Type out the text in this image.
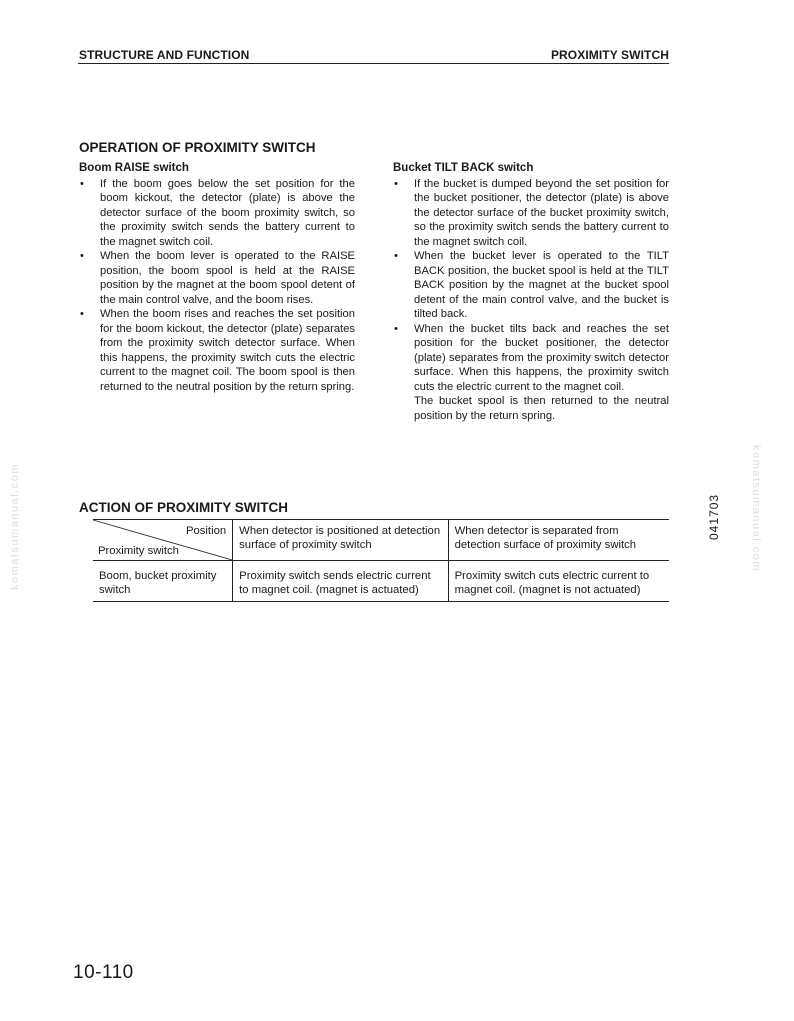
STRUCTURE AND FUNCTION	PROXIMITY SWITCH
OPERATION OF PROXIMITY SWITCH
Boom RAISE switch
• If the boom goes below the set position for the boom kickout, the detector (plate) is above the detector surface of the boom proximity switch, so the proximity switch sends the battery current to the magnet switch coil.
• When the boom lever is operated to the RAISE position, the boom spool is held at the RAISE position by the magnet at the boom spool detent of the main control valve, and the boom rises.
• When the boom rises and reaches the set position for the boom kickout, the detector (plate) separates from the proximity switch detector surface. When this happens, the proximity switch cuts the electric current to the magnet coil. The boom spool is then returned to the neutral position by the return spring.
Bucket TILT BACK switch
• If the bucket is dumped beyond the set position for the bucket positioner, the detector (plate) is above the detector surface of the bucket proximity switch, so the proximity switch sends the battery current to the magnet switch coil.
• When the bucket lever is operated to the TILT BACK position, the bucket spool is held at the TILT BACK position by the magnet at the bucket spool detent of the main control valve, and the bucket is tilted back.
• When the bucket tilts back and reaches the set position for the bucket positioner, the detector (plate) separates from the proximity switch detector surface. When this happens, the proximity switch cuts the electric current to the magnet coil.

The bucket spool is then returned to the neutral position by the return spring.

ACTION OF PROXIMITY SWITCH
Position
Proximity switch	When detector is positioned at detection surface of proximity switch	When detector is separated from detection surface of proximity switch
Boom, bucket proximity switch	Proximity switch sends electric current to magnet coil. (magnet is actuated)	Proximity switch cuts electric current to magnet coil. (magnet is not actuated)
041703
komatsumanual.com	komatsumanual.com
10-110
